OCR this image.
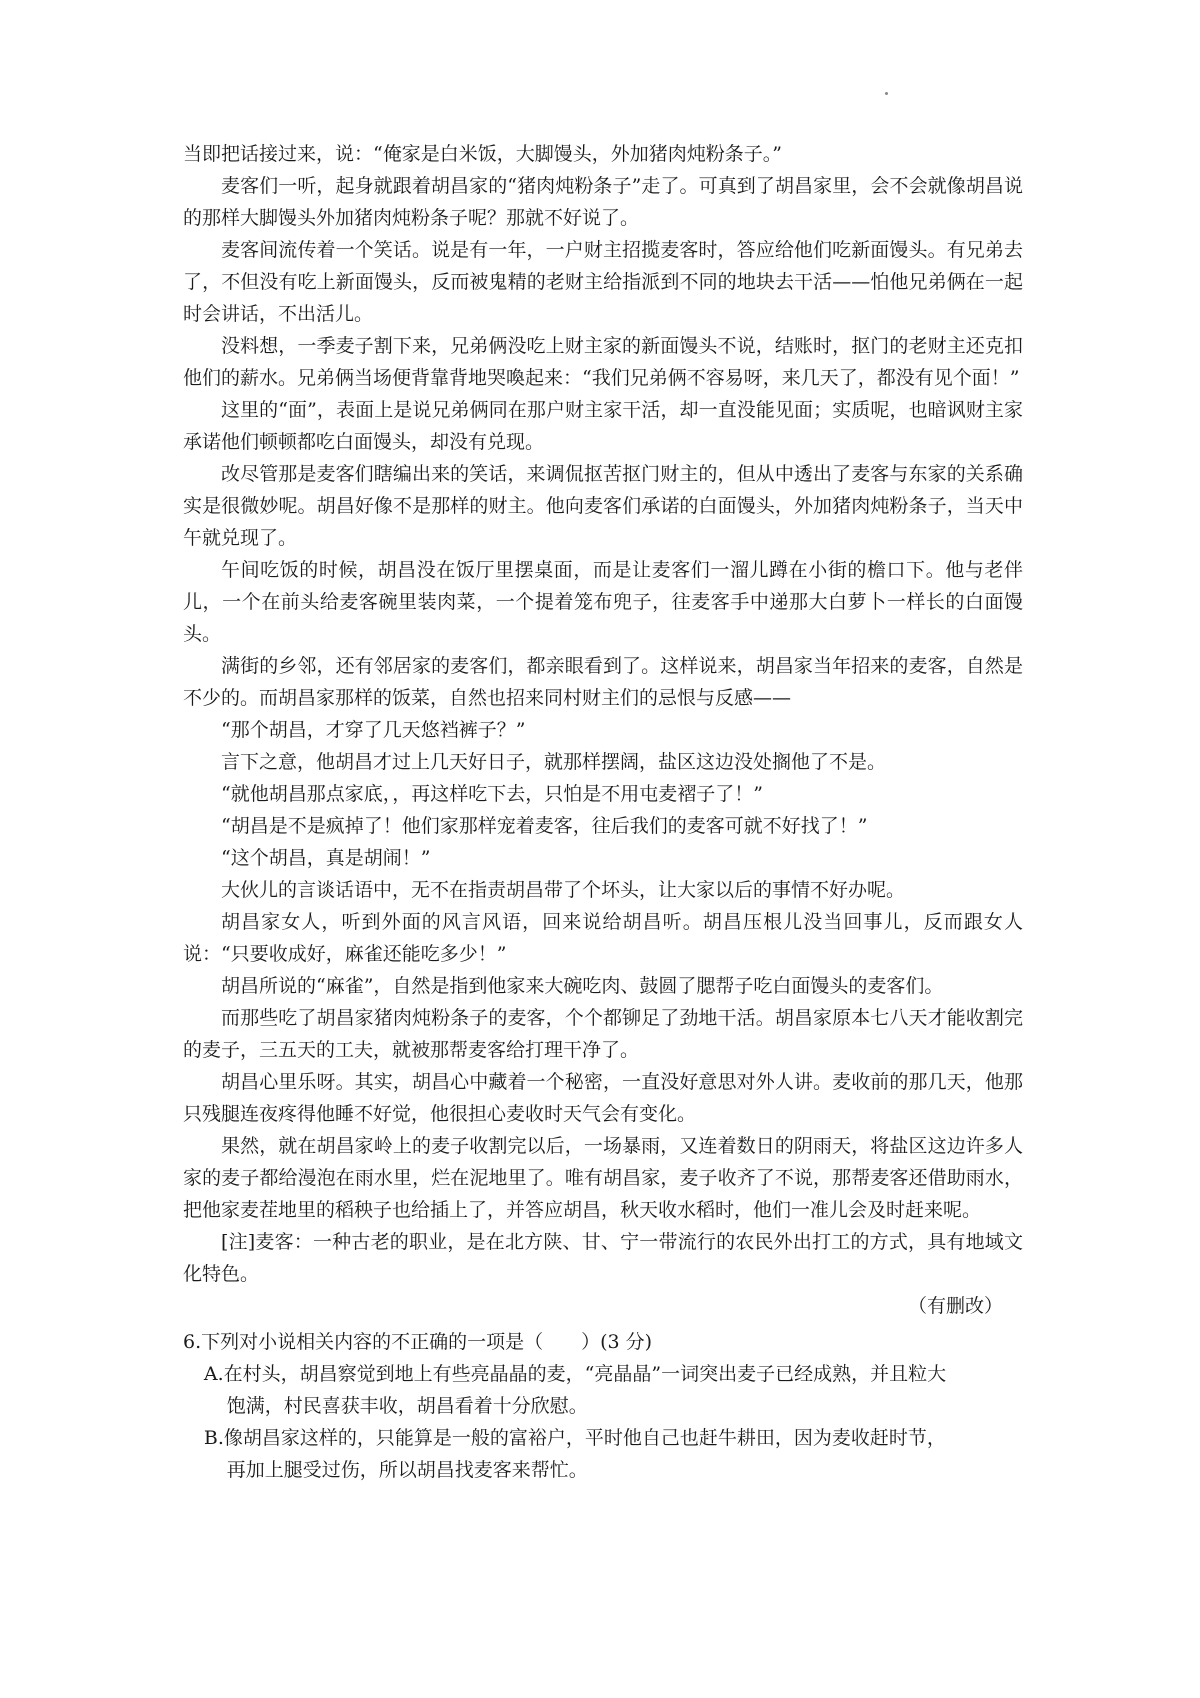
当即把话接过来，说：“俺家是白米饭，大脚馒头，外加猪肉炖粉条子。”

麦客们一听，起身就跟着胡昌家的“猪肉炖粉条子”走了。可真到了胡昌家里，会不会就像胡昌说的那样大脚馒头外加猪肉炖粉条子呢？那就不好说了。

麦客间流传着一个笑话。说是有一年，一户财主招揽麦客时，答应给他们吃新面馒头。有兄弟去了，不但没有吃上新面馒头，反而被鬼精的老财主给指派到不同的地块去干活——怕他兄弟俩在一起时会讲话，不出活儿。

没料想，一季麦子割下来，兄弟俩没吃上财主家的新面馒头不说，结账时，抠门的老财主还克扣他们的薪水。兄弟俩当场便背靠背地哭喚起来：“我们兄弟俩不容易呀，来几天了，都没有见个面！”

这里的“面”，表面上是说兄弟俩同在那户财主家干活，却一直没能见面；实质呢，也暗讽财主家承诺他们顿顿都吃白面馒头，却没有兑现。

改尽管那是麦客们瞎编出来的笑话，来调侃抠苦抠门财主的，但从中透出了麦客与东家的关系确实是很微妙呢。胡昌好像不是那样的财主。他向麦客们承诺的白面馒头，外加猪肉炖粉条子，当天中午就兑现了。

午间吃饭的时候，胡昌没在饭厅里摆桌面，而是让麦客们一溜儿蹲在小街的檐口下。他与老伴儿，一个在前头给麦客碗里装肉菜，一个提着笼布兜子，往麦客手中递那大白萝卜一样长的白面馒头。

满街的乡邻，还有邻居家的麦客们，都亲眼看到了。这样说来，胡昌家当年招来的麦客，自然是不少的。而胡昌家那样的饭菜，自然也招来同村财主们的忌恨与反感——

“那个胡昌，才穿了几天悠裆裤子？”

言下之意，他胡昌才过上几天好日子，就那样摆阔，盐区这边没处搁他了不是。

“就他胡昌那点家底，，再这样吃下去，只怕是不用屯麦褶子了！”

“胡昌是不是疯掉了！他们家那样宠着麦客，往后我们的麦客可就不好找了！”

“这个胡昌，真是胡闹！”

大伙儿的言谈话语中，无不在指责胡昌带了个坏头，让大家以后的事情不好办呢。

胡昌家女人，听到外面的风言风语，回来说给胡昌听。胡昌压根儿没当回事儿，反而跟女人说：“只要收成好，麻雀还能吃多少！”

胡昌所说的“麻雀”，自然是指到他家来大碗吃肉、鼓圆了腮帮子吃白面馒头的麦客们。

而那些吃了胡昌家猪肉炖粉条子的麦客，个个都铆足了劲地干活。胡昌家原本七八天才能收割完的麦子，三五天的工夫，就被那帮麦客给打理干净了。

胡昌心里乐呀。其实，胡昌心中藏着一个秘密，一直没好意思对外人讲。麦收前的那几天，他那只残腿连夜疼得他睡不好觉，他很担心麦收时天气会有变化。

果然，就在胡昌家岭上的麦子收割完以后，一场暴雨，又连着数日的阴雨天，将盐区这边许多人家的麦子都给漫泡在雨水里，烂在泥地里了。唯有胡昌家，麦子收齐了不说，那帮麦客还借助雨水，把他家麦茬地里的稻秧子也给插上了，并答应胡昌，秋天收水稻时，他们一准儿会及时赶来呢。

[注]麦客：一种古老的职业，是在北方陕、甘、宁一带流行的农民外出打工的方式，具有地域文化特色。

（有删改）

6.下列对小说相关内容的不正确的一项是（　　）(3 分)

A.在村头，胡昌察觉到地上有些亮晶晶的麦，“亮晶晶”一词突出麦子已经成熟，并且粒大

饱满，村民喜获丰收，胡昌看着十分欣慰。

B.像胡昌家这样的，只能算是一般的富裕户，平时他自己也赶牛耕田，因为麦收赶时节，

再加上腿受过伤，所以胡昌找麦客来帮忙。
